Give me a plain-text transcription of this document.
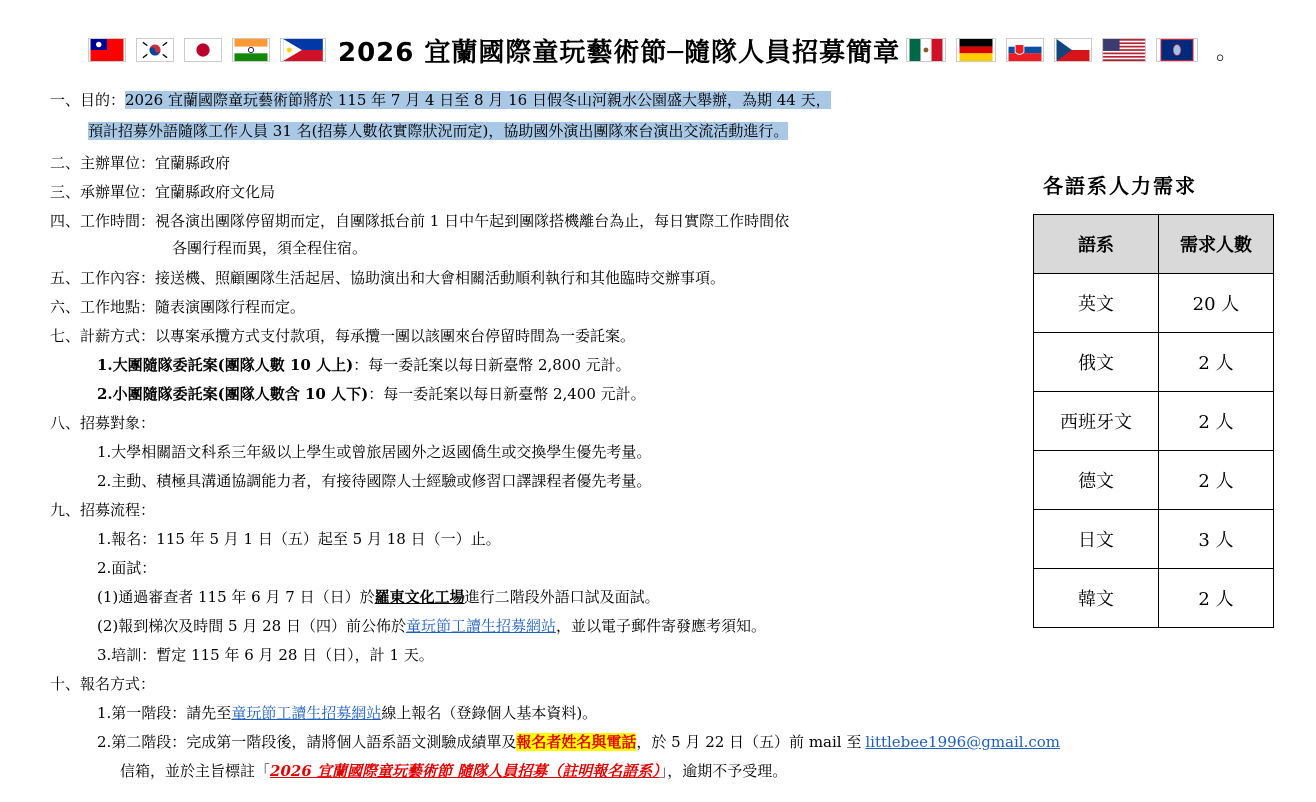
2026 宜蘭國際童玩藝術節─隨隊人員招募簡章	。
一、目的：2026 宜蘭國際童玩藝術節將於 115 年 7 月 4 日至 8 月 16 日假冬山河親水公園盛大舉辦，為期 44 天，
預計招募外語隨隊工作人員 31 名(招募人數依實際狀況而定)，協助國外演出團隊來台演出交流活動進行。
二、主辦單位：宜蘭縣政府
三、承辦單位：宜蘭縣政府文化局
四、工作時間：視各演出團隊停留期而定，自團隊抵台前 1 日中午起到團隊搭機離台為止，每日實際工作時間依
各團行程而異，須全程住宿。
五、工作內容：接送機、照顧團隊生活起居、協助演出和大會相關活動順利執行和其他臨時交辦事項。
六、工作地點：隨表演團隊行程而定。
七、計薪方式：以專案承攬方式支付款項，每承攬一團以該團來台停留時間為一委託案。
1.大團隨隊委託案(團隊人數 10 人上)：每一委託案以每日新臺幣 2,800 元計。
2.小團隨隊委託案(團隊人數含 10 人下)：每一委託案以每日新臺幣 2,400 元計。
八、招募對象：
1.大學相關語文科系三年級以上學生或曾旅居國外之返國僑生或交換學生優先考量。
2.主動、積極具溝通協調能力者，有接待國際人士經驗或修習口譯課程者優先考量。
九、招募流程：
1.報名：115 年 5 月 1 日（五）起至 5 月 18 日（一）止。
2.面試：
(1)通過審查者 115 年 6 月 7 日（日）於羅東文化工場進行二階段外語口試及面試。
(2)報到梯次及時間 5 月 28 日（四）前公佈於童玩節工讀生招募網站，並以電子郵件寄發應考須知。
3.培訓：暫定 115 年 6 月 28 日（日），計 1 天。
十、報名方式：
1.第一階段：請先至童玩節工讀生招募網站線上報名（登錄個人基本資料)。
2.第二階段：完成第一階段後，請將個人語系語文測驗成績單及報名者姓名與電話，於 5 月 22 日（五）前 mail 至 littlebee1996@gmail.com
信箱，並於主旨標註「2026 宜蘭國際童玩藝術節 隨隊人員招募（註明報名語系）」，逾期不予受理。
各語系人力需求
語系	需求人數
英文	20 人
俄文	2 人
西班牙文	2 人
德文	2 人
日文	3 人
韓文	2 人
